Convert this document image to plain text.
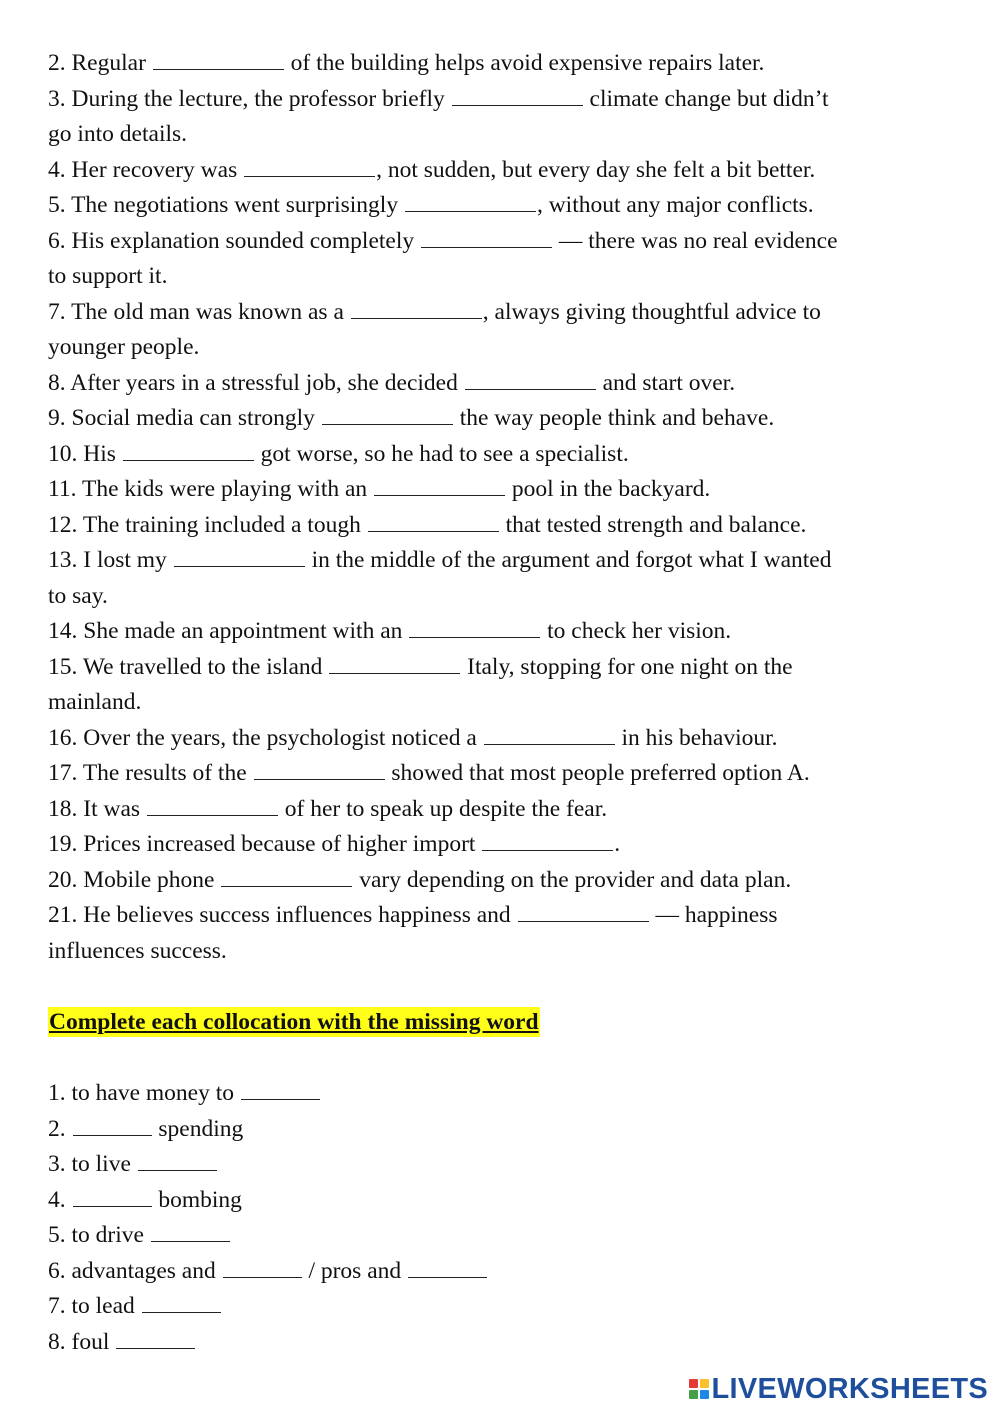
2. Regular	of the building helps avoid expensive repairs later.
3. During the lecture, the professor briefly	climate change but didn’t
go into details.
4. Her recovery was	, not sudden, but every day she felt a bit better.
5. The negotiations went surprisingly	, without any major conflicts.
6. His explanation sounded completely	— there was no real evidence
to support it.
7. The old man was known as a	, always giving thoughtful advice to
younger people.
8. After years in a stressful job, she decided	and start over.
9. Social media can strongly	the way people think and behave.
10. His	got worse, so he had to see a specialist.
11. The kids were playing with an	pool in the backyard.
12. The training included a tough	that tested strength and balance.
13. I lost my	in the middle of the argument and forgot what I wanted
to say.
14. She made an appointment with an	to check her vision.
15. We travelled to the island	Italy, stopping for one night on the
mainland.
16. Over the years, the psychologist noticed a	in his behaviour.
17. The results of the	showed that most people preferred option A.
18. It was	of her to speak up despite the fear.
19. Prices increased because of higher import	.
20. Mobile phone	vary depending on the provider and data plan.
21. He believes success influences happiness and	— happiness
influences success.
Complete each collocation with the missing word
1. to have money to
2.	spending
3. to live
4.	bombing
5. to drive
6. advantages and	/ pros and
7. to lead
8. foul
LIVEWORKSHEETS
